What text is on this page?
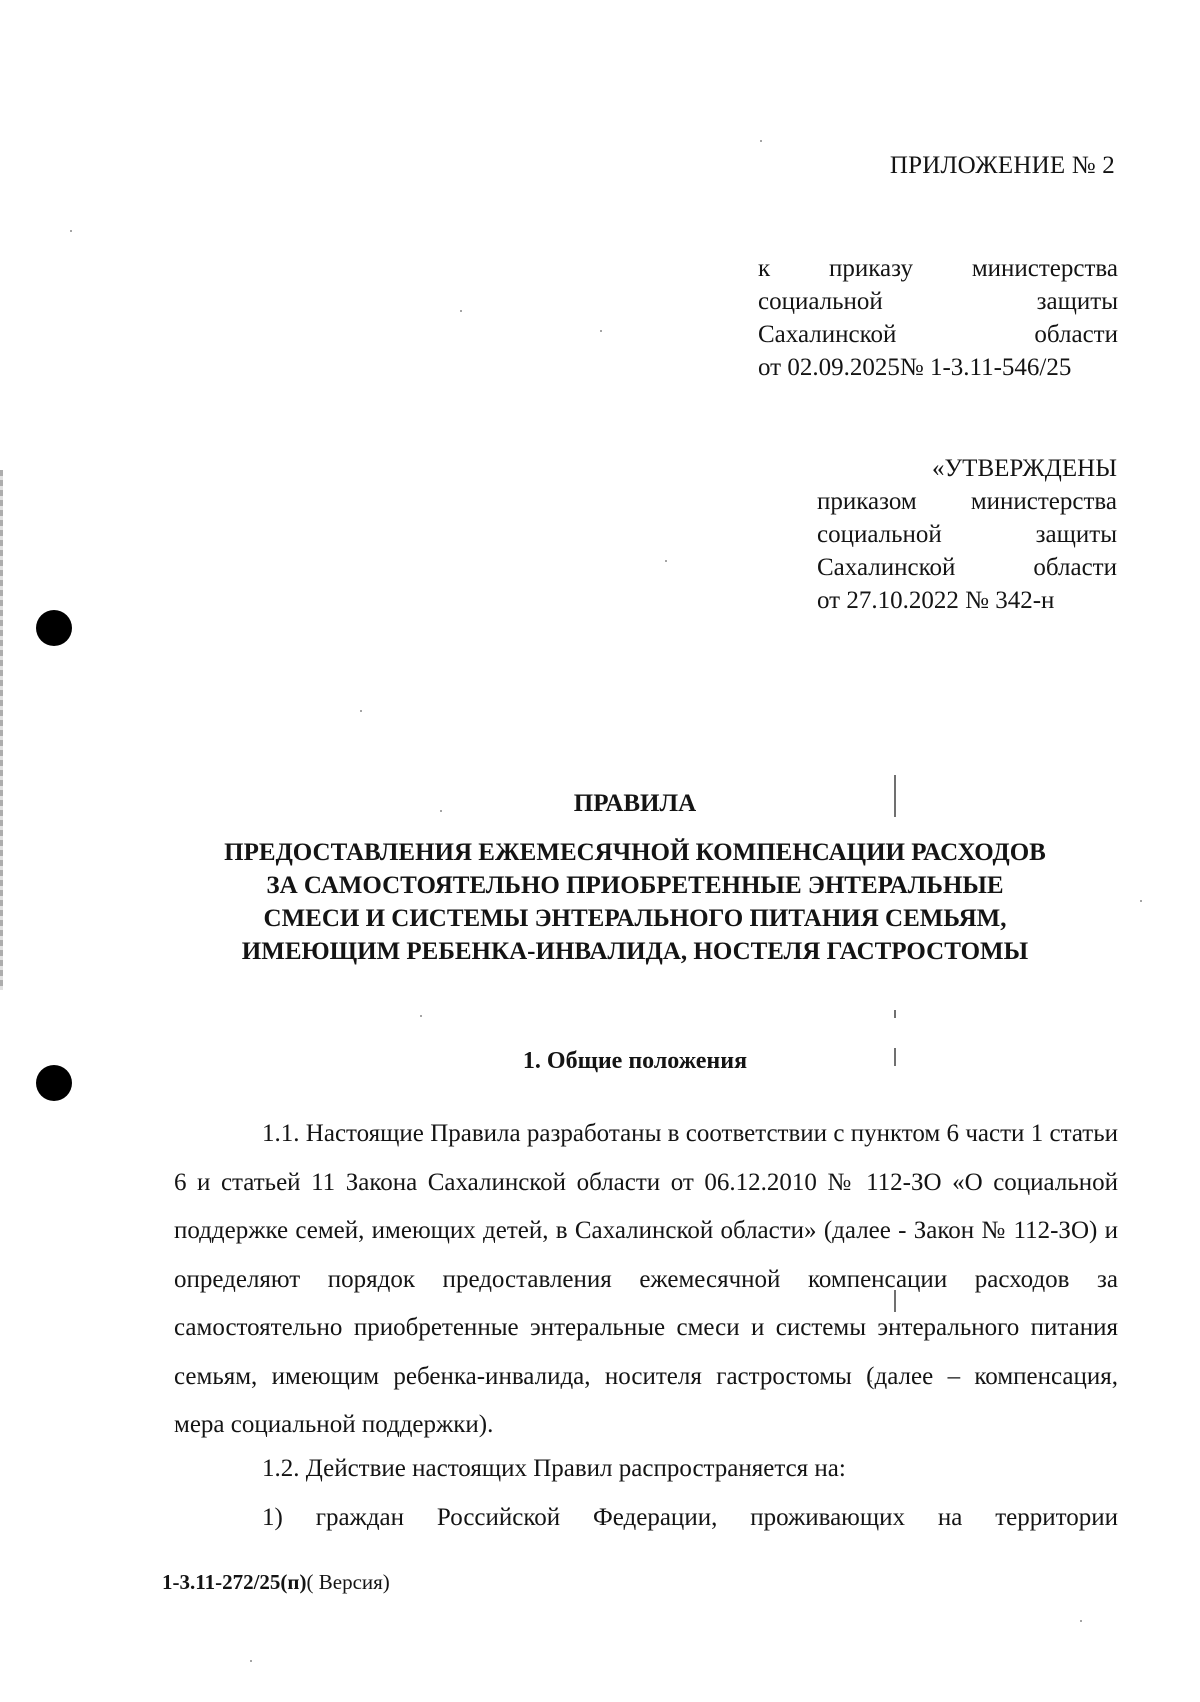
ПРИЛОЖЕНИЕ № 2
к приказу министерства
социальной защиты
Сахалинской области
от 02.09.2025№ 1-3.11-546/25
«УТВЕРЖДЕНЫ
приказом министерства
социальной защиты
Сахалинской области
от 27.10.2022 № 342-н
ПРАВИЛА
ПРЕДОСТАВЛЕНИЯ ЕЖЕМЕСЯЧНОЙ КОМПЕНСАЦИИ РАСХОДОВ
ЗА САМОСТОЯТЕЛЬНО ПРИОБРЕТЕННЫЕ ЭНТЕРАЛЬНЫЕ
СМЕСИ И СИСТЕМЫ ЭНТЕРАЛЬНОГО ПИТАНИЯ СЕМЬЯМ,
ИМЕЮЩИМ РЕБЕНКА-ИНВАЛИДА, НОСТЕЛЯ ГАСТРОСТОМЫ
1. Общие положения
1.1. Настоящие Правила разработаны в соответствии с пунктом 6 части 1 статьи 6 и статьей 11 Закона Сахалинской области от 06.12.2010 № 112-ЗО «О социальной поддержке семей, имеющих детей, в Сахалинской области» (далее - Закон № 112-ЗО) и определяют порядок предоставления ежемесячной компенсации расходов за самостоятельно приобретенные энтеральные смеси и системы энтерального питания семьям, имеющим ребенка-инвалида, носителя гастростомы (далее – компенсация, мера социальной поддержки).
1.2. Действие настоящих Правил распространяется на:
1) граждан Российской Федерации, проживающих на территории
1-3.11-272/25(п)( Версия)
